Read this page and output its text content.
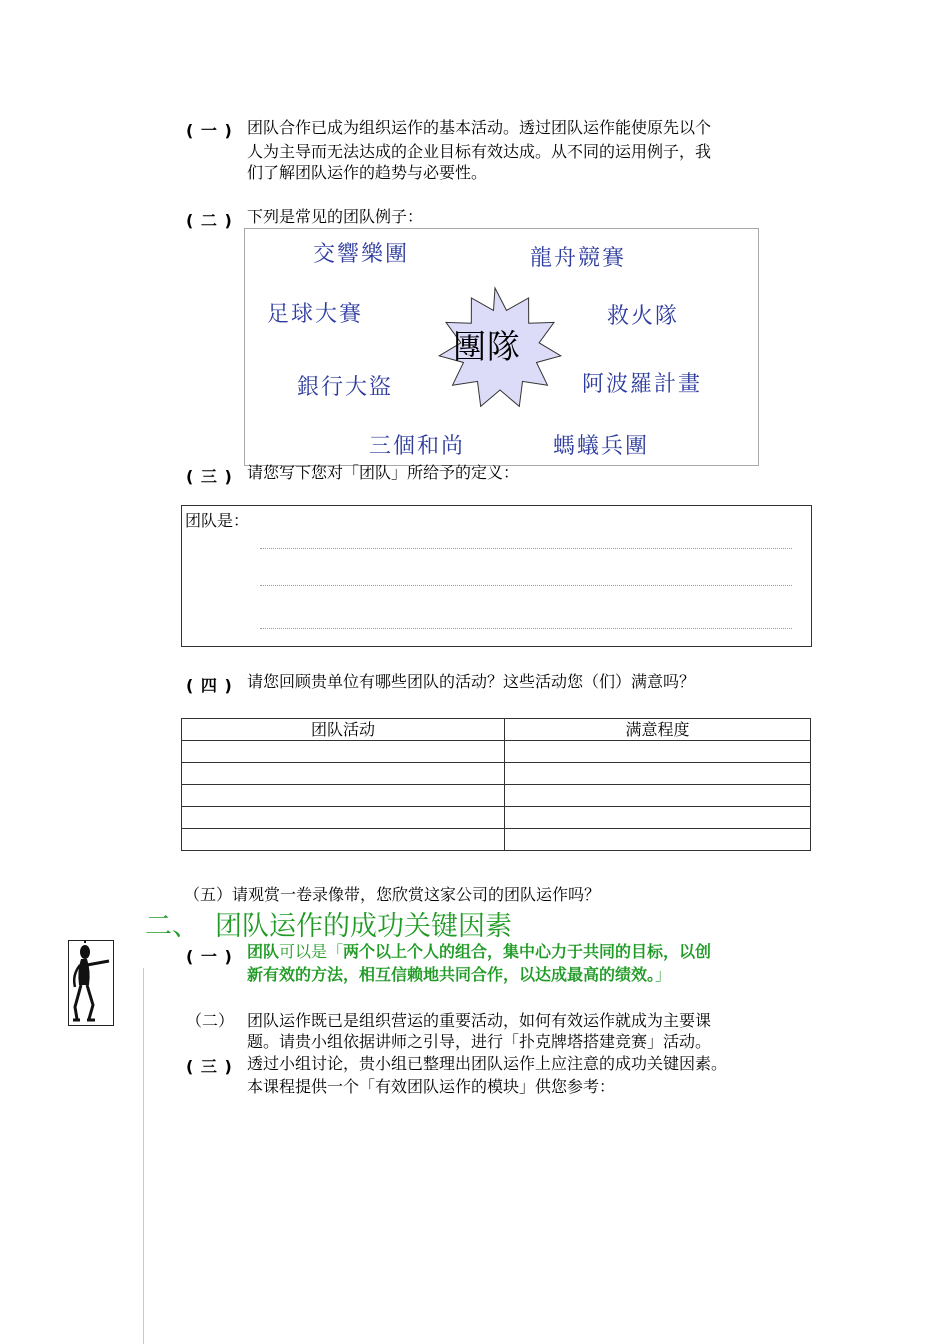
( 一 ) 团队合作已成为组织运作的基本活动。透过团队运作能使原先以个
人为主导而无法达成的企业目标有效达成。从不同的运用例子，我
们了解团队运作的趋势与必要性。
( 二 ) 下列是常见的团队例子：
團隊
交響樂團	龍舟競賽
足球大賽	救火隊
銀行大盜	阿波羅計畫
三個和尚	螞蟻兵團
( 三 ) 请您写下您对「团队」所给予的定义：
团队是：
( 四 ) 请您回顾贵单位有哪些团队的活动？这些活动您（们）满意吗？
团队活动	满意程度

（五）请观赏一卷录像带，您欣赏这家公司的团队运作吗？
二、 团队运作的成功关键因素
( 一 ) 团队可以是「两个以上个人的组合，集中心力于共同的目标，以创
新有效的方法，相互信赖地共同合作，以达成最高的绩效。」
（二） 团队运作既已是组织营运的重要活动，如何有效运作就成为主要课
题。请贵小组依据讲师之引导，进行「扑克牌塔搭建竞赛」活动。
( 三 ) 透过小组讨论，贵小组已整理出团队运作上应注意的成功关键因素。
本课程提供一个「有效团队运作的模块」供您参考：
